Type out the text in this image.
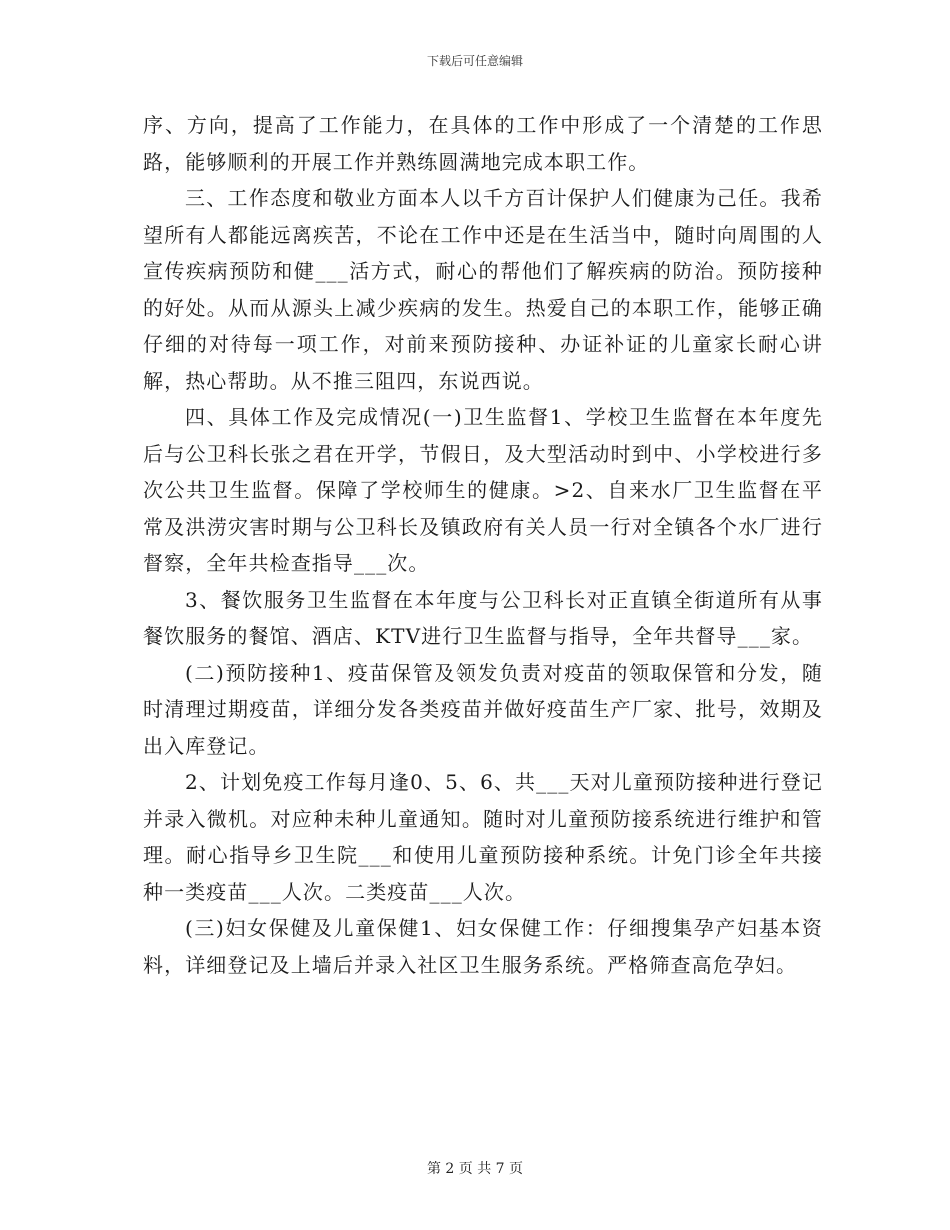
下载后可任意编辑

序、方向，提高了工作能力，在具体的工作中形成了一个清楚的工作思路，能够顺利的开展工作并熟练圆满地完成本职工作。

三、工作态度和敬业方面本人以千方百计保护人们健康为己任。我希望所有人都能远离疾苦，不论在工作中还是在生活当中，随时向周围的人宣传疾病预防和健___活方式，耐心的帮他们了解疾病的防治。预防接种的好处。从而从源头上减少疾病的发生。热爱自己的本职工作，能够正确仔细的对待每一项工作，对前来预防接种、办证补证的儿童家长耐心讲解，热心帮助。从不推三阻四，东说西说。

四、具体工作及完成情况(一)卫生监督1、学校卫生监督在本年度先后与公卫科长张之君在开学，节假日，及大型活动时到中、小学校进行多次公共卫生监督。保障了学校师生的健康。>2、自来水厂卫生监督在平常及洪涝灾害时期与公卫科长及镇政府有关人员一行对全镇各个水厂进行督察，全年共检查指导___次。

3、餐饮服务卫生监督在本年度与公卫科长对正直镇全街道所有从事餐饮服务的餐馆、酒店、KTV进行卫生监督与指导，全年共督导___家。

(二)预防接种1、疫苗保管及领发负责对疫苗的领取保管和分发，随时清理过期疫苗，详细分发各类疫苗并做好疫苗生产厂家、批号，效期及出入库登记。

2、计划免疫工作每月逢0、5、6、共___天对儿童预防接种进行登记并录入微机。对应种未种儿童通知。随时对儿童预防接系统进行维护和管理。耐心指导乡卫生院___和使用儿童预防接种系统。计免门诊全年共接种一类疫苗___人次。二类疫苗___人次。

(三)妇女保健及儿童保健1、妇女保健工作：仔细搜集孕产妇基本资料，详细登记及上墙后并录入社区卫生服务系统。严格筛查高危孕妇。

第 2 页 共 7 页
